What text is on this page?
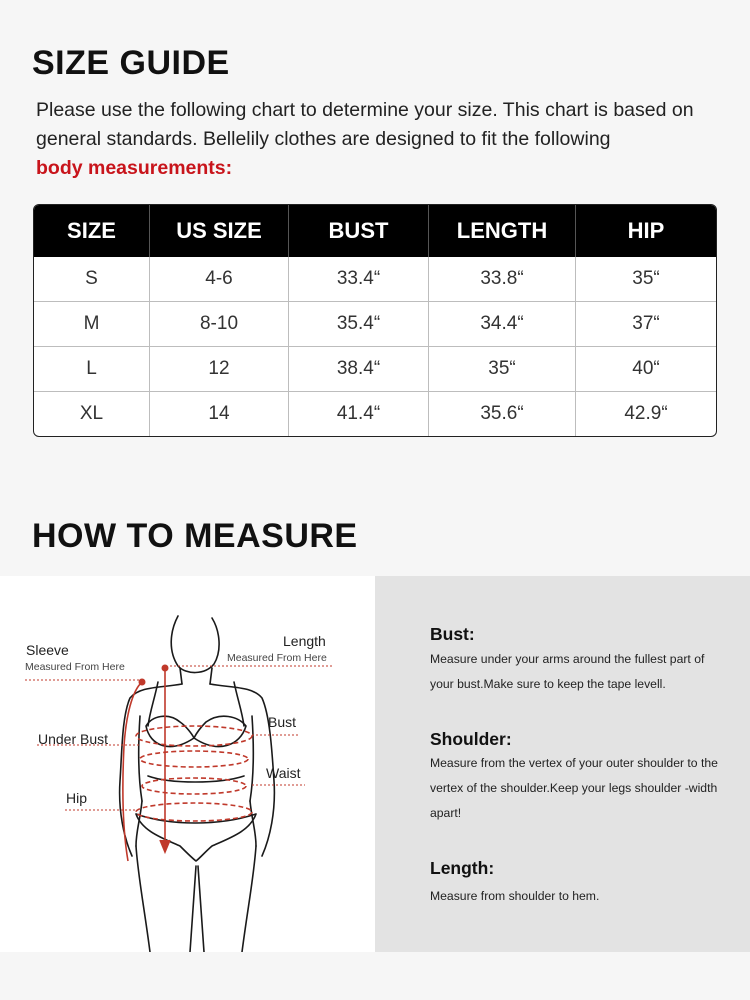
SIZE GUIDE
Please use the following chart to determine your size. This chart is based on general standards. Bellelily clothes are designed to fit the following
body measurements:
SIZE	US SIZE	BUST	LENGTH	HIP
S	4-6	33.4“	33.8“	35“
M	8-10	35.4“	34.4“	37“
L	12	38.4“	35“	40“
XL	14	41.4“	35.6“	42.9“
HOW TO MEASURE
Sleeve
Measured From Here
Length
Measured From Here
Under Bust
Bust
Waist
Hip
Bust:
Measure under your arms around the fullest part of your bust.Make sure to keep the tape levell.
Shoulder:
Measure from the vertex of your outer shoulder to the vertex of the shoulder.Keep your legs shoulder -width apart!
Length:
Measure from shoulder to hem.
